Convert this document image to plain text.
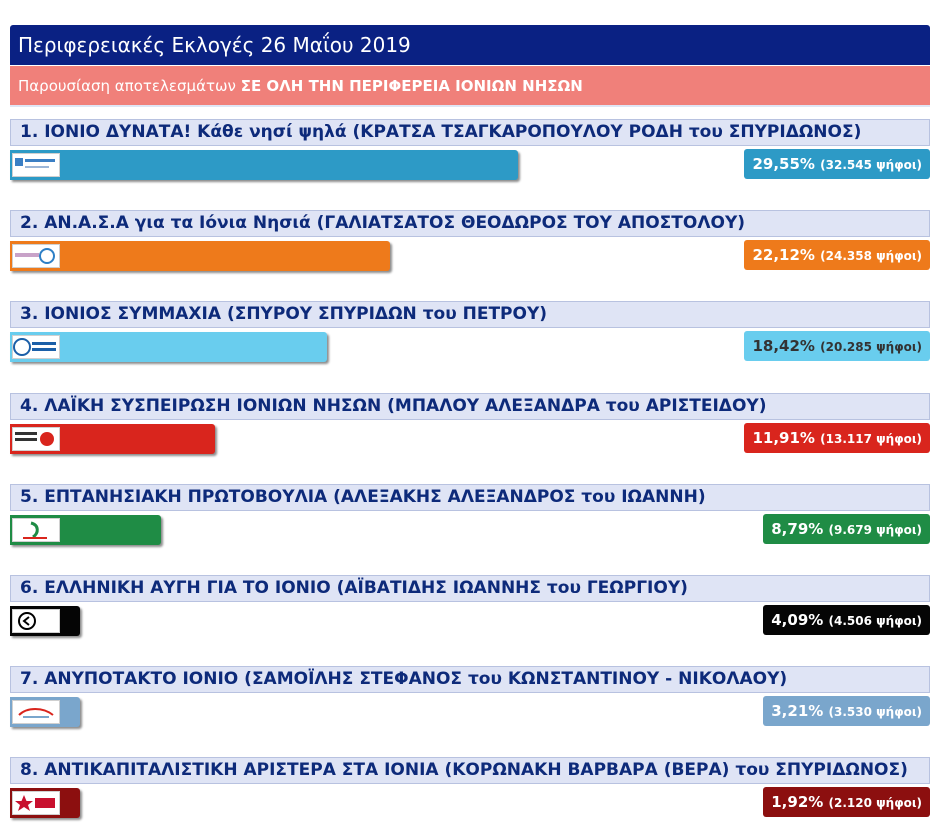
Περιφερειακές Εκλογές 26 Μαΐου 2019
Παρουσίαση αποτελεσμάτων ΣΕ ΟΛΗ ΤΗΝ ΠΕΡΙΦΕΡΕΙΑ ΙΟΝΙΩΝ ΝΗΣΩΝ
1. ΙΟΝΙΟ ΔΥΝΑΤΑ! Κάθε νησί ψηλά (ΚΡΑΤΣΑ ΤΣΑΓΚΑΡΟΠΟΥΛΟΥ ΡΟΔΗ του ΣΠΥΡΙΔΩΝΟΣ)
29,55% (32.545 ψήφοι)
2. ΑΝ.Α.Σ.Α για τα Ιόνια Νησιά (ΓΑΛΙΑΤΣΑΤΟΣ ΘΕΟΔΩΡΟΣ ΤΟΥ ΑΠΟΣΤΟΛΟΥ)
22,12% (24.358 ψήφοι)
3. ΙΟΝΙΟΣ ΣΥΜΜΑΧΙΑ (ΣΠΥΡΟΥ ΣΠΥΡΙΔΩΝ του ΠΕΤΡΟΥ)
18,42% (20.285 ψήφοι)
4. ΛΑΪΚΗ ΣΥΣΠΕΙΡΩΣΗ ΙΟΝΙΩΝ ΝΗΣΩΝ (ΜΠΑΛΟΥ ΑΛΕΞΑΝΔΡΑ του ΑΡΙΣΤΕΙΔΟΥ)
11,91% (13.117 ψήφοι)
5. ΕΠΤΑΝΗΣΙΑΚΗ ΠΡΩΤΟΒΟΥΛΙΑ (ΑΛΕΞΑΚΗΣ ΑΛΕΞΑΝΔΡΟΣ του ΙΩΑΝΝΗ)
8,79% (9.679 ψήφοι)
6. ΕΛΛΗΝΙΚΗ ΑΥΓΗ ΓΙΑ ΤΟ ΙΟΝΙΟ (ΑΪΒΑΤΙΔΗΣ ΙΩΑΝΝΗΣ του ΓΕΩΡΓΙΟΥ)
4,09% (4.506 ψήφοι)
7. ΑΝΥΠΟΤΑΚΤΟ ΙΟΝΙΟ (ΣΑΜΟΪΛΗΣ ΣΤΕΦΑΝΟΣ του ΚΩΝΣΤΑΝΤΙΝΟΥ - ΝΙΚΟΛΑΟΥ)
3,21% (3.530 ψήφοι)
8. ΑΝΤΙΚΑΠΙΤΑΛΙΣΤΙΚΗ ΑΡΙΣΤΕΡΑ ΣΤΑ ΙΟΝΙΑ (ΚΟΡΩΝΑΚΗ ΒΑΡΒΑΡΑ (ΒΕΡΑ) του ΣΠΥΡΙΔΩΝΟΣ)
1,92% (2.120 ψήφοι)
